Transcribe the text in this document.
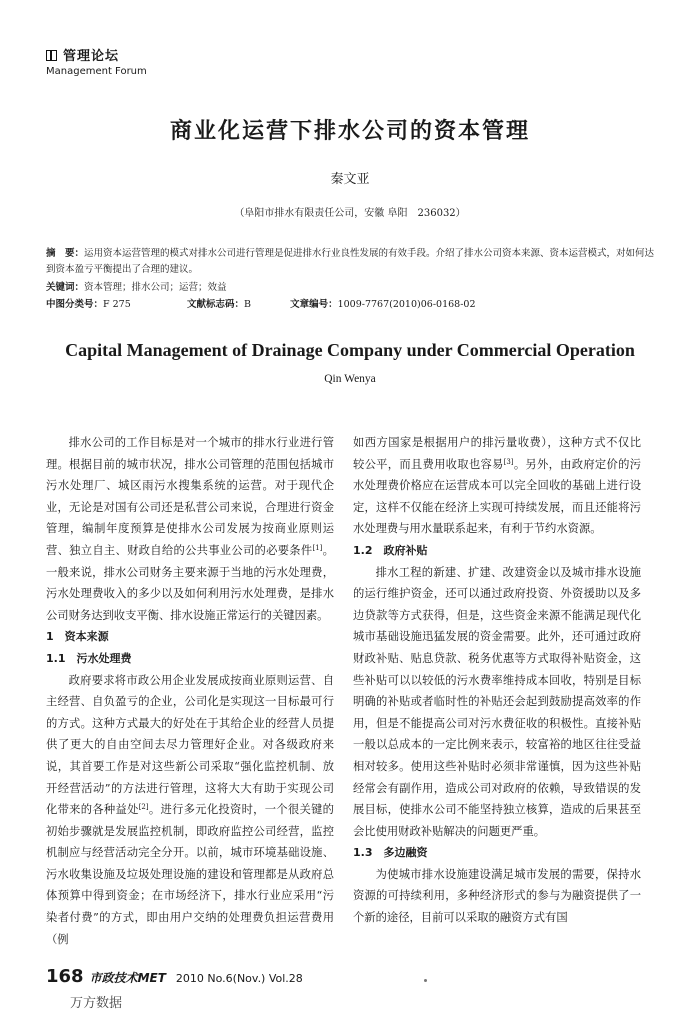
管理论坛
Management Forum
商业化运营下排水公司的资本管理
秦文亚
（阜阳市排水有限责任公司，安徽 阜阳　236032）
摘　要：运用资本运营管理的模式对排水公司进行管理是促进排水行业良性发展的有效手段。介绍了排水公司资本来源、资本运营模式，对如何达到资本盈亏平衡提出了合理的建议。
关键词：资本管理；排水公司；运营；效益
中图分类号：F 275	文献标志码：B	文章编号：1009-7767(2010)06-0168-02
Capital Management of Drainage Company under Commercial Operation
Qin Wenya

排水公司的工作目标是对一个城市的排水行业进行管理。根据目前的城市状况，排水公司管理的范围包括城市污水处理厂、城区雨污水搜集系统的运营。对于现代企业，无论是对国有公司还是私营公司来说，合理进行资金管理，编制年度预算是使排水公司发展为按商业原则运营、独立自主、财政自给的公共事业公司的必要条件[1]。一般来说，排水公司财务主要来源于当地的污水处理费，污水处理费收入的多少以及如何利用污水处理费，是排水公司财务达到收支平衡、排水设施正常运行的关键因素。

1　资本来源
1.1　污水处理费

政府要求将市政公用企业发展成按商业原则运营、自主经营、自负盈亏的企业，公司化是实现这一目标最可行的方式。这种方式最大的好处在于其给企业的经营人员提供了更大的自由空间去尽力管理好企业。对各级政府来说，其首要工作是对这些新公司采取“强化监控机制、放开经营活动”的方法进行管理，这将大大有助于实现公司化带来的各种益处[2]。进行多元化投资时，一个很关键的初始步骤就是发展监控机制，即政府监控公司经营，监控机制应与经营活动完全分开。以前，城市环境基础设施、污水收集设施及垃圾处理设施的建设和管理都是从政府总体预算中得到资金；在市场经济下，排水行业应采用“污染者付费”的方式，即由用户交纳的处理费负担运营费用（例

如西方国家是根据用户的排污量收费），这种方式不仅比较公平，而且费用收取也容易[3]。另外，由政府定价的污水处理费价格应在运营成本可以完全回收的基础上进行设定，这样不仅能在经济上实现可持续发展，而且还能将污水处理费与用水量联系起来，有利于节约水资源。

1.2　政府补贴

排水工程的新建、扩建、改建资金以及城市排水设施的运行维护资金，还可以通过政府投资、外资援助以及多边贷款等方式获得，但是，这些资金来源不能满足现代化城市基础设施迅猛发展的资金需要。此外，还可通过政府财政补贴、贴息贷款、税务优惠等方式取得补贴资金，这些补贴可以以较低的污水费率维持成本回收，特别是目标明确的补贴或者临时性的补贴还会起到鼓励提高效率的作用，但是不能提高公司对污水费征收的积极性。直接补贴一般以总成本的一定比例来表示，较富裕的地区往往受益相对较多。使用这些补贴时必须非常谨慎，因为这些补贴经常会有副作用，造成公司对政府的依赖，导致错误的发展目标，使排水公司不能坚持独立核算，造成的后果甚至会比使用财政补贴解决的问题更严重。

1.3　多边融资

为使城市排水设施建设满足城市发展的需要，保持水资源的可持续利用，多种经济形式的参与为融资提供了一个新的途径，目前可以采取的融资方式有国

168 市政技术MET 2010 No.6(Nov.) Vol.28
万方数据
